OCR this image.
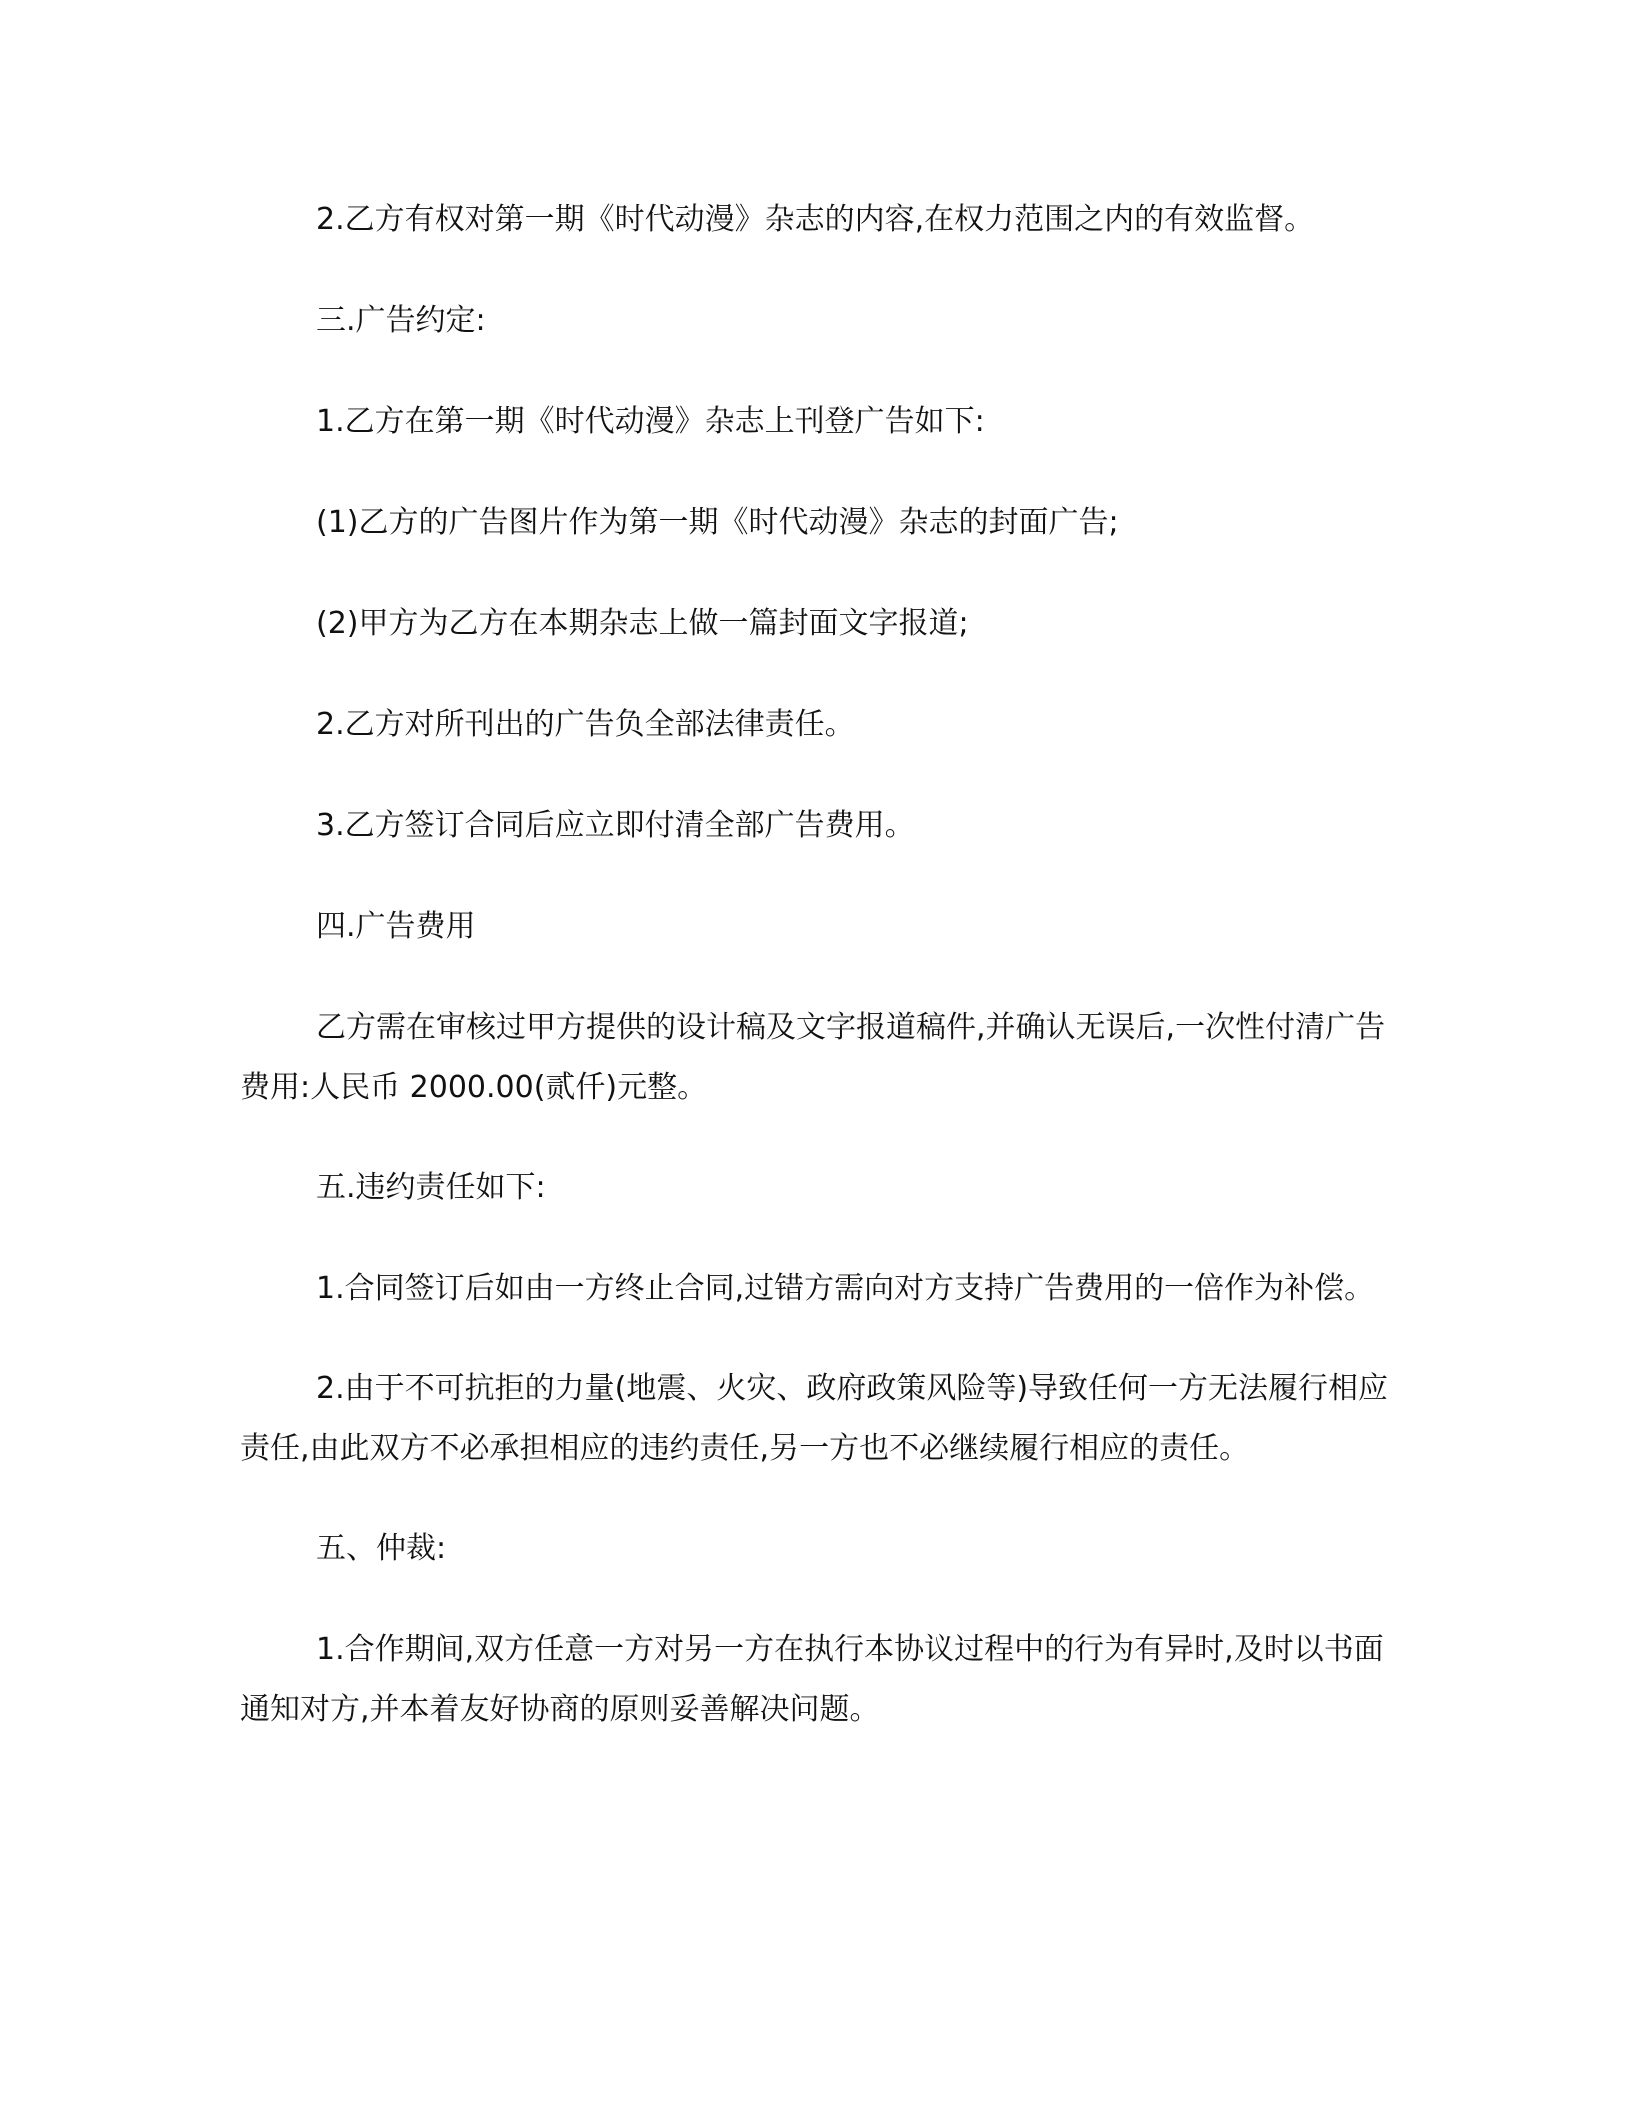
2.乙方有权对第一期《时代动漫》杂志的内容,在权力范围之内的有效监督。

三.广告约定:

1.乙方在第一期《时代动漫》杂志上刊登广告如下:

(1)乙方的广告图片作为第一期《时代动漫》杂志的封面广告;

(2)甲方为乙方在本期杂志上做一篇封面文字报道;

2.乙方对所刊出的广告负全部法律责任。

3.乙方签订合同后应立即付清全部广告费用。

四.广告费用

乙方需在审核过甲方提供的设计稿及文字报道稿件,并确认无误后,一次性付清广告费用:人民币 2000.00(贰仟)元整。

五.违约责任如下:

1.合同签订后如由一方终止合同,过错方需向对方支持广告费用的一倍作为补偿。

2.由于不可抗拒的力量(地震、火灾、政府政策风险等)导致任何一方无法履行相应责任,由此双方不必承担相应的违约责任,另一方也不必继续履行相应的责任。

五、仲裁:

1.合作期间,双方任意一方对另一方在执行本协议过程中的行为有异时,及时以书面通知对方,并本着友好协商的原则妥善解决问题。
